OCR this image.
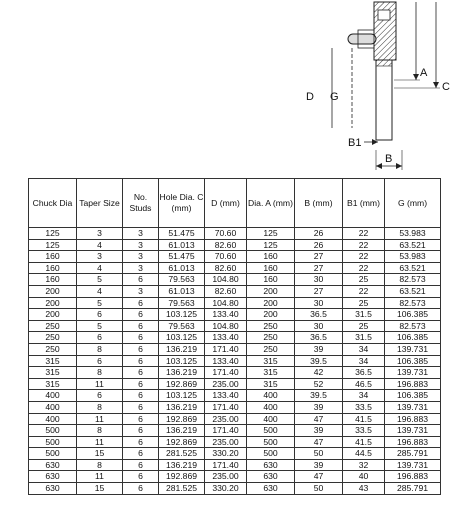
A
C
D G
B1
B
Chuck Dia	Taper Size	No. Studs	Hole Dia. C (mm)	D (mm)	Dia. A (mm)	B (mm)	B1 (mm)	G (mm)
125	3	3	51.475	70.60	125	26	22	53.983
125	4	3	61.013	82.60	125	26	22	63.521
160	3	3	51.475	70.60	160	27	22	53.983
160	4	3	61.013	82.60	160	27	22	63.521
160	5	6	79.563	104.80	160	30	25	82.573
200	4	3	61.013	82.60	200	27	22	63.521
200	5	6	79.563	104.80	200	30	25	82.573
200	6	6	103.125	133.40	200	36.5	31.5	106.385
250	5	6	79.563	104.80	250	30	25	82.573
250	6	6	103.125	133.40	250	36.5	31.5	106.385
250	8	6	136.219	171.40	250	39	34	139.731
315	6	6	103.125	133.40	315	39.5	34	106.385
315	8	6	136.219	171.40	315	42	36.5	139.731
315	11	6	192.869	235.00	315	52	46.5	196.883
400	6	6	103.125	133.40	400	39.5	34	106.385
400	8	6	136.219	171.40	400	39	33.5	139.731
400	11	6	192.869	235.00	400	47	41.5	196.883
500	8	6	136.219	171.40	500	39	33.5	139.731
500	11	6	192.869	235.00	500	47	41.5	196.883
500	15	6	281.525	330.20	500	50	44.5	285.791
630	8	6	136.219	171.40	630	39	32	139.731
630	11	6	192.869	235.00	630	47	40	196.883
630	15	6	281.525	330.20	630	50	43	285.791
